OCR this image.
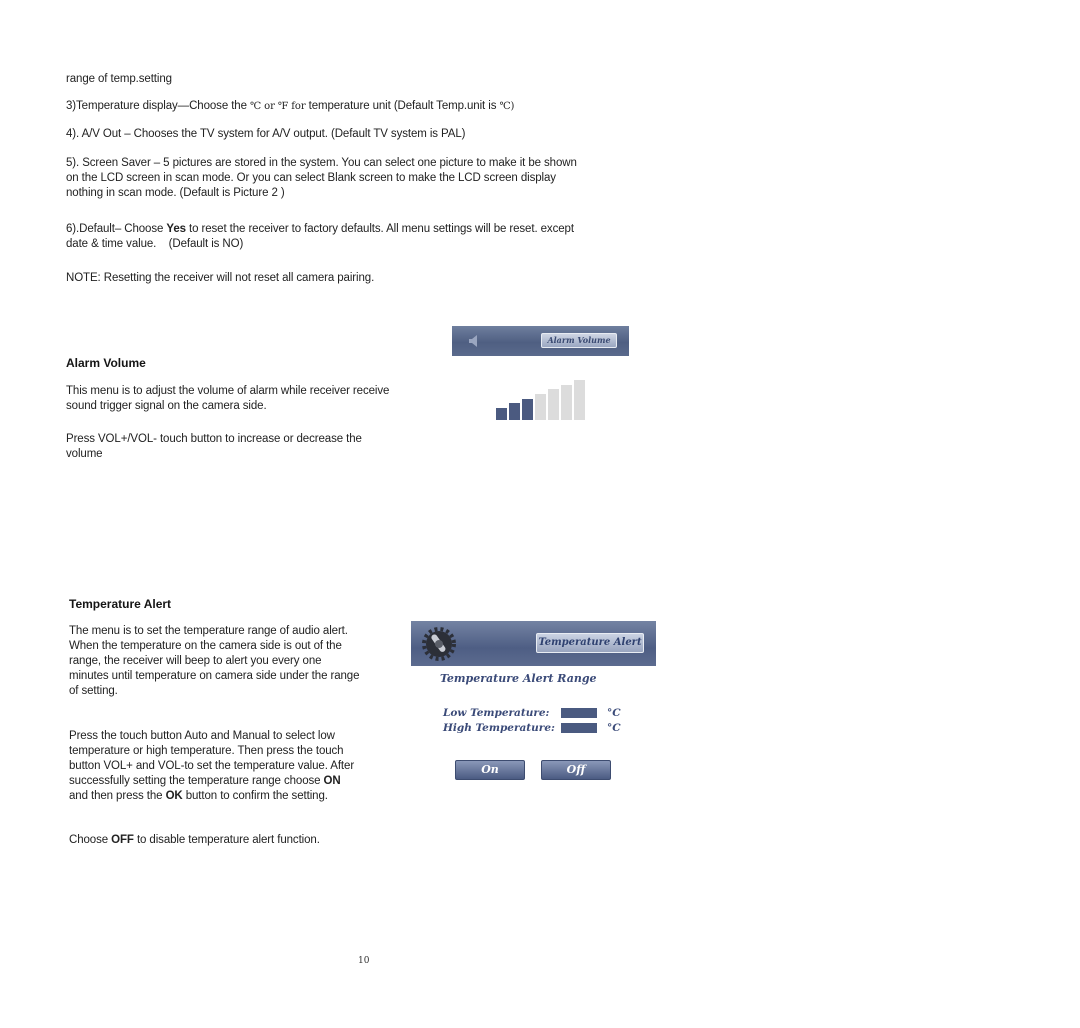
range of temp.setting
3)Temperature display—Choose the ℃ or ℉ for temperature unit (Default Temp.unit is ℃)
4). A/V Out – Chooses the TV system for A/V output. (Default TV system is PAL)
5). Screen Saver – 5 pictures are stored in the system. You can select one picture to make it be shown
on the LCD screen in scan mode. Or you can select Blank screen to make the LCD screen display
nothing in scan mode. (Default is Picture 2 )
6).Default– Choose Yes to reset the receiver to factory defaults. All menu settings will be reset. except
date & time value.    (Default is NO)
NOTE: Resetting the receiver will not reset all camera pairing.
Alarm Volume
This menu is to adjust the volume of alarm while receiver receive
sound trigger signal on the camera side.
Press VOL+/VOL- touch button to increase or decrease the
volume
Alarm Volume
Temperature Alert
The menu is to set the temperature range of audio alert.
When the temperature on the camera side is out of the
range, the receiver will beep to alert you every one
minutes until temperature on camera side under the range
of setting.
Press the touch button Auto and Manual to select low
temperature or high temperature. Then press the touch
button VOL+ and VOL-to set the temperature value. After
successfully setting the temperature range choose ON
and then press the OK button to confirm the setting.
Choose OFF to disable temperature alert function.
Temperature Alert
Temperature Alert Range
Low Temperature:	°C
High Temperature:	°C
On	Off
10
